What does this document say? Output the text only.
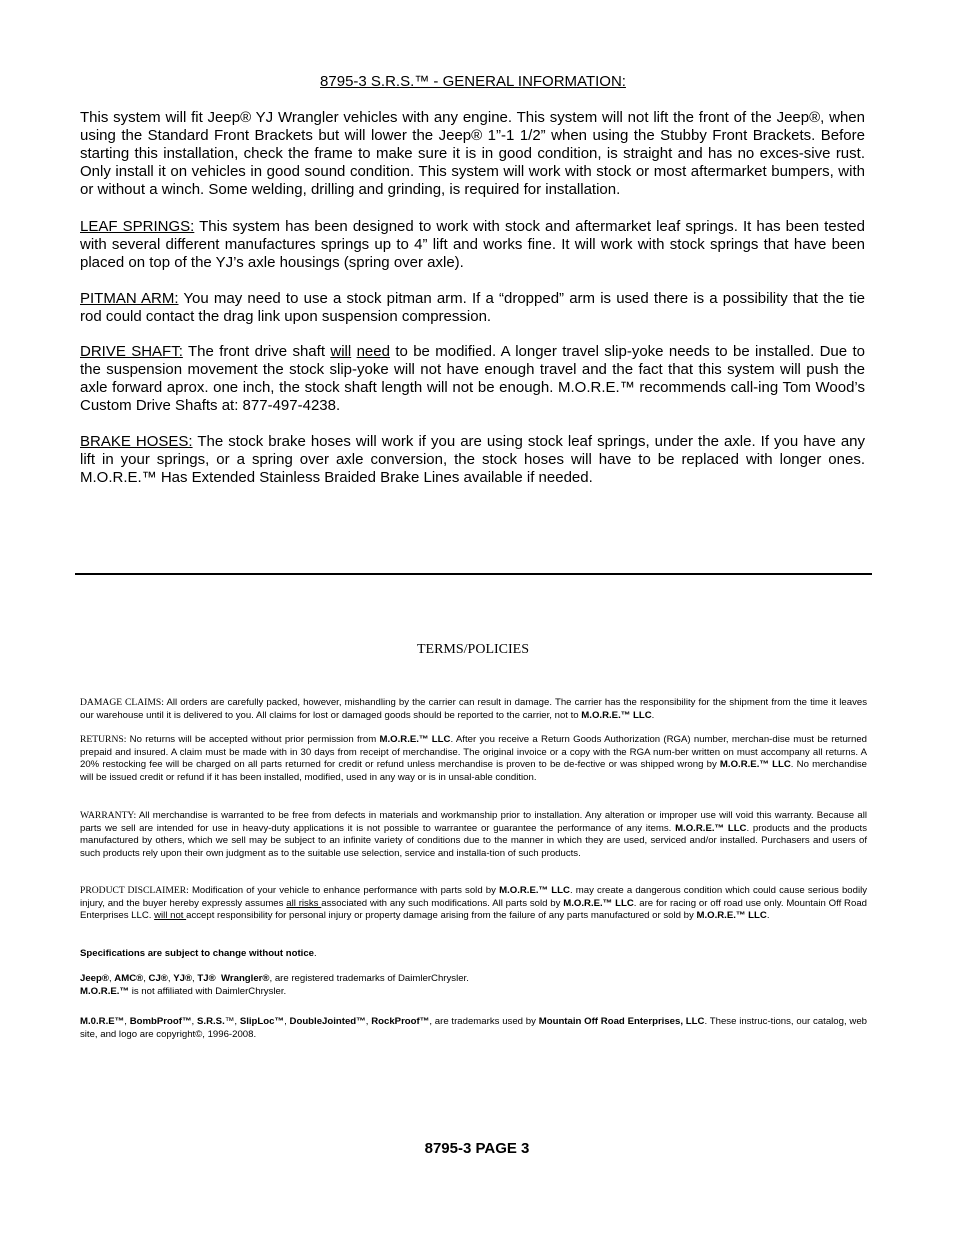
8795-3 S.R.S.™ - GENERAL INFORMATION:
This system will fit Jeep® YJ Wrangler vehicles with any engine. This system will not lift the front of the Jeep®, when using the Standard Front Brackets but will lower the Jeep® 1”-1 1/2” when using the Stubby Front Brackets. Before starting this installation, check the frame to make sure it is in good condition, is straight and has no exces-sive rust. Only install it on vehicles in good sound condition. This system will work with stock or most aftermarket bumpers, with or without a winch. Some welding, drilling and grinding, is required for installation.
LEAF SPRINGS: This system has been designed to work with stock and aftermarket leaf springs. It has been tested with several different manufactures springs up to 4” lift and works fine. It will work with stock springs that have been placed on top of the YJ’s axle housings (spring over axle).
PITMAN ARM: You may need to use a stock pitman arm. If a “dropped” arm is used there is a possibility that the tie rod could contact the drag link upon suspension compression.
DRIVE SHAFT: The front drive shaft will need to be modified. A longer travel slip-yoke needs to be installed. Due to the suspension movement the stock slip-yoke will not have enough travel and the fact that this system will push the axle forward aprox. one inch, the stock shaft length will not be enough. M.O.R.E.™ recommends call-ing Tom Wood’s Custom Drive Shafts at: 877-497-4238.
BRAKE HOSES: The stock brake hoses will work if you are using stock leaf springs, under the axle. If you have any lift in your springs, or a spring over axle conversion, the stock hoses will have to be replaced with longer ones. M.O.R.E.™ Has Extended Stainless Braided Brake Lines available if needed.
TERMS/POLICIES
DAMAGE CLAIMS: All orders are carefully packed, however, mishandling by the carrier can result in damage. The carrier has the responsibility for the shipment from the time it leaves our warehouse until it is delivered to you. All claims for lost or damaged goods should be reported to the carrier, not to M.O.R.E.™ LLC.
RETURNS: No returns will be accepted without prior permission from M.O.R.E.™ LLC. After you receive a Return Goods Authorization (RGA) number, merchan-dise must be returned prepaid and insured. A claim must be made with in 30 days from receipt of merchandise. The original invoice or a copy with the RGA num-ber written on must accompany all returns. A 20% restocking fee will be charged on all parts returned for credit or refund unless merchandise is proven to be de-fective or was shipped wrong by M.O.R.E.™ LLC. No merchandise will be issued credit or refund if it has been installed, modified, used in any way or is in unsal-able condition.
WARRANTY: All merchandise is warranted to be free from defects in materials and workmanship prior to installation. Any alteration or improper use will void this warranty. Because all parts we sell are intended for use in heavy-duty applications it is not possible to warrantee or guarantee the performance of any items. M.O.R.E.™ LLC. products and the products manufactured by others, which we sell may be subject to an infinite variety of conditions due to the manner in which they are used, serviced and/or installed. Purchasers and users of such products rely upon their own judgment as to the suitable use selection, service and installa-tion of such products.
PRODUCT DISCLAIMER: Modification of your vehicle to enhance performance with parts sold by M.O.R.E.™ LLC. may create a dangerous condition which could cause serious bodily injury, and the buyer hereby expressly assumes all risks associated with any such modifications. All parts sold by M.O.R.E.™ LLC. are for racing or off road use only. Mountain Off Road Enterprises LLC. will not accept responsibility for personal injury or property damage arising from the failure of any parts manufactured or sold by M.O.R.E.™ LLC.
Specifications are subject to change without notice.
Jeep®, AMC®, CJ®, YJ®, TJ® Wrangler®, are registered trademarks of DaimlerChrysler.
M.O.R.E.™ is not affiliated with DaimlerChrysler.
M.0.R.E™, BombProof™, S.R.S.™, SlipLoc™, DoubleJointed™, RockProof™, are trademarks used by Mountain Off Road Enterprises, LLC. These instruc-tions, our catalog, web site, and logo are copyright©, 1996-2008.
8795-3 PAGE 3
